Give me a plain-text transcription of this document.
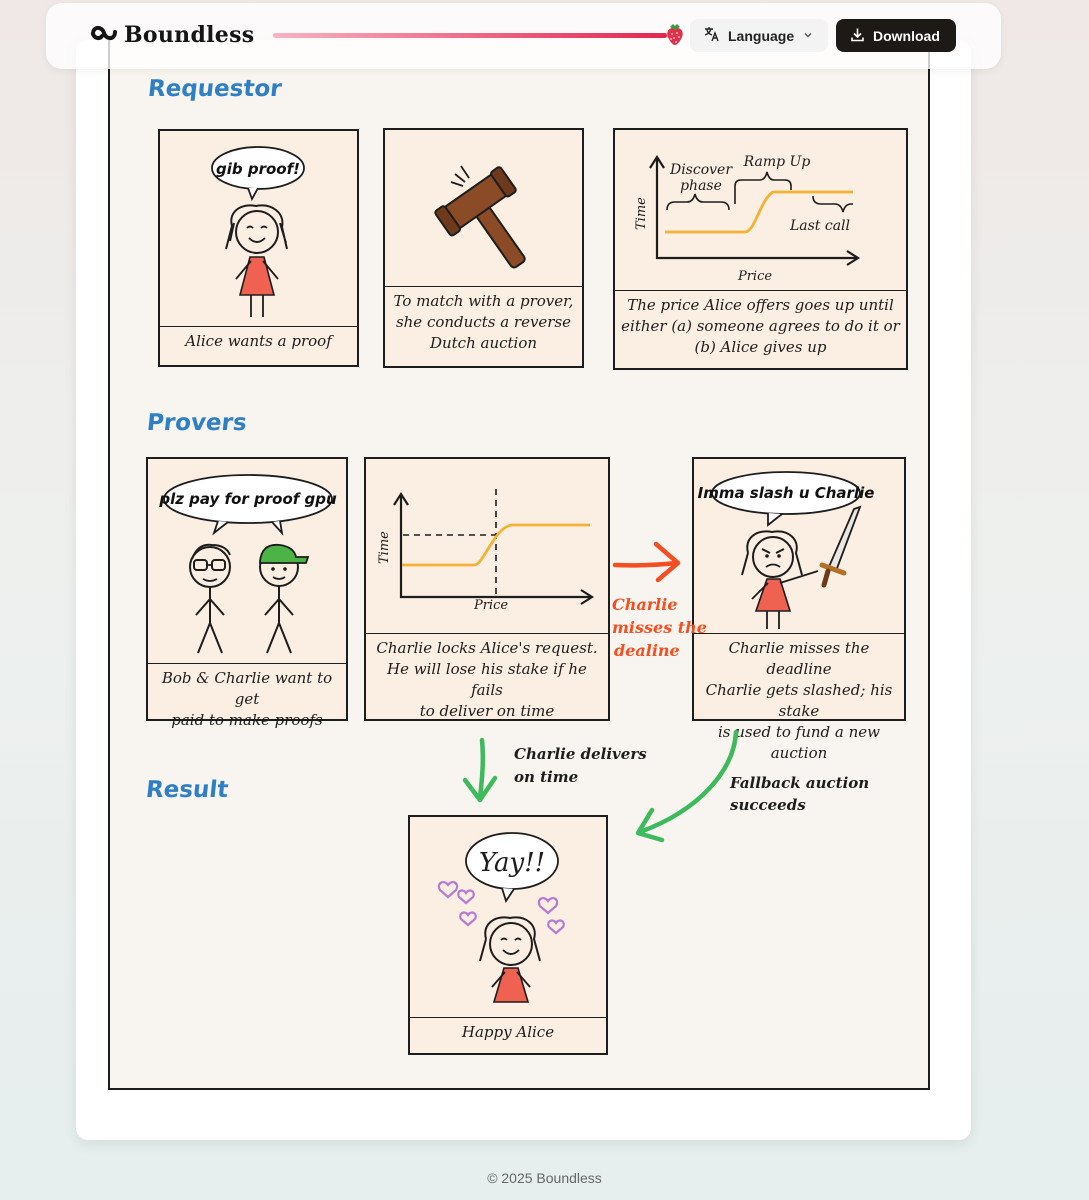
Boundless	Language	Download
Requestor
Provers
Result
gib proof!
Alice wants a proof
To match with a prover,
she conducts a reverse
Dutch auction
Discover
phase
Ramp Up
Last call
Time
Price
The price Alice offers goes up until
either (a) someone agrees to do it or
(b) Alice gives up
plz pay for proof gpu
Bob & Charlie want to get
paid to make proofs
Time
Price
Charlie locks Alice's request.
He will lose his stake if he fails
to deliver on time
Imma slash u Charlie
Charlie misses the deadline
Charlie gets slashed; his stake
is used to fund a new auction
Yay!!
Happy Alice
Charlie
misses the
dealine
Charlie delivers
on time	Fallback auction
succeeds
© 2025 Boundless
